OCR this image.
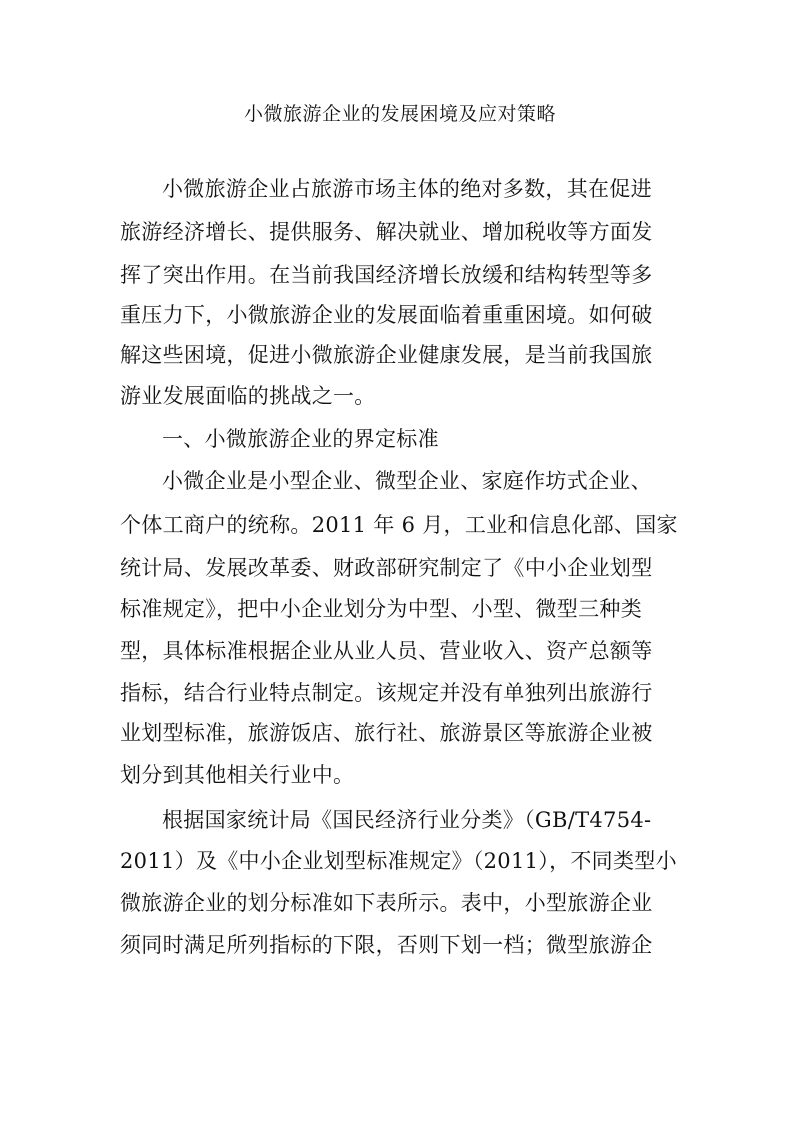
小微旅游企业的发展困境及应对策略
小微旅游企业占旅游市场主体的绝对多数，其在促进
旅游经济增长、提供服务、解决就业、增加税收等方面发
挥了突出作用。在当前我国经济增长放缓和结构转型等多
重压力下，小微旅游企业的发展面临着重重困境。如何破
解这些困境，促进小微旅游企业健康发展，是当前我国旅
游业发展面临的挑战之一。
一、小微旅游企业的界定标准
小微企业是小型企业、微型企业、家庭作坊式企业、
个体工商户的统称。2011 年 6 月，工业和信息化部、国家
统计局、发展改革委、财政部研究制定了《中小企业划型
标准规定》，把中小企业划分为中型、小型、微型三种类
型，具体标准根据企业从业人员、营业收入、资产总额等
指标，结合行业特点制定。该规定并没有单独列出旅游行
业划型标准，旅游饭店、旅行社、旅游景区等旅游企业被
划分到其他相关行业中。
根据国家统计局《国民经济行业分类》（GB/T4754-
2011）及《中小企业划型标准规定》（2011），不同类型小
微旅游企业的划分标准如下表所示。表中，小型旅游企业
须同时满足所列指标的下限，否则下划一档；微型旅游企
